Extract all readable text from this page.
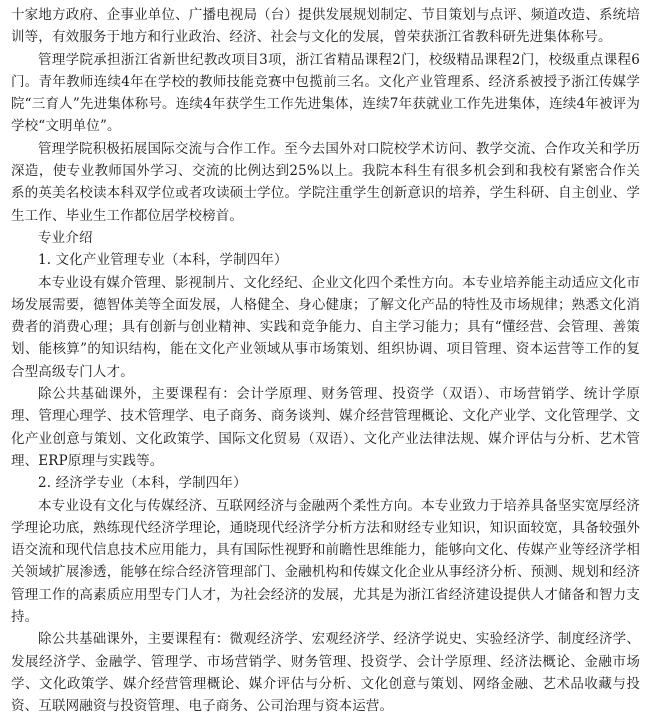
十家地方政府、企事业单位、广播电视局（台）提供发展规划制定、节目策划与点评、频道改造、系统培训等，有效服务于地方和行业政治、经济、社会与文化的发展，曾荣获浙江省教科研先进集体称号。

管理学院承担浙江省新世纪教改项目3项，浙江省精品课程2门，校级精品课程2门，校级重点课程6门。青年教师连续4年在学校的教师技能竞赛中包揽前三名。文化产业管理系、经济系被授予浙江传媒学院“三育人”先进集体称号。连续4年获学生工作先进集体，连续7年获就业工作先进集体，连续4年被评为学校“文明单位”。

管理学院积极拓展国际交流与合作工作。至今去国外对口院校学术访问、教学交流、合作攻关和学历深造，使专业教师国外学习、交流的比例达到25%以上。我院本科生有很多机会到和我校有紧密合作关系的英美名校读本科双学位或者攻读硕士学位。学院注重学生创新意识的培养，学生科研、自主创业、学生工作、毕业生工作都位居学校榜首。

专业介绍

1. 文化产业管理专业（本科，学制四年）

本专业设有媒介管理、影视制片、文化经纪、企业文化四个柔性方向。本专业培养能主动适应文化市场发展需要，德智体美等全面发展，人格健全、身心健康；了解文化产品的特性及市场规律；熟悉文化消费者的消费心理；具有创新与创业精神、实践和竞争能力、自主学习能力；具有“懂经营、会管理、善策划、能核算”的知识结构，能在文化产业领域从事市场策划、组织协调、项目管理、资本运营等工作的复合型高级专门人才。

除公共基础课外，主要课程有：会计学原理、财务管理、投资学（双语）、市场营销学、统计学原理、管理心理学、技术管理学、电子商务、商务谈判、媒介经营管理概论、文化产业学、文化管理学、文化产业创意与策划、文化政策学、国际文化贸易（双语）、文化产业法律法规、媒介评估与分析、艺术管理、ERP原理与实践等。

2. 经济学专业（本科，学制四年）

本专业设有文化与传媒经济、互联网经济与金融两个柔性方向。本专业致力于培养具备坚实宽厚经济学理论功底，熟练现代经济学理论，通晓现代经济学分析方法和财经专业知识，知识面较宽，具备较强外语交流和现代信息技术应用能力，具有国际性视野和前瞻性思维能力，能够向文化、传媒产业等经济学相关领域扩展渗透，能够在综合经济管理部门、金融机构和传媒文化企业从事经济分析、预测、规划和经济管理工作的高素质应用型专门人才，为社会经济的发展，尤其是为浙江省经济建设提供人才储备和智力支持。

除公共基础课外，主要课程有：微观经济学、宏观经济学、经济学说史、实验经济学、制度经济学、发展经济学、金融学、管理学、市场营销学、财务管理、投资学、会计学原理、经济法概论、金融市场学、文化政策学、媒介经营管理概论、媒介评估与分析、文化创意与策划、网络金融、艺术品收藏与投资、互联网融资与投资管理、电子商务、公司治理与资本运营。
